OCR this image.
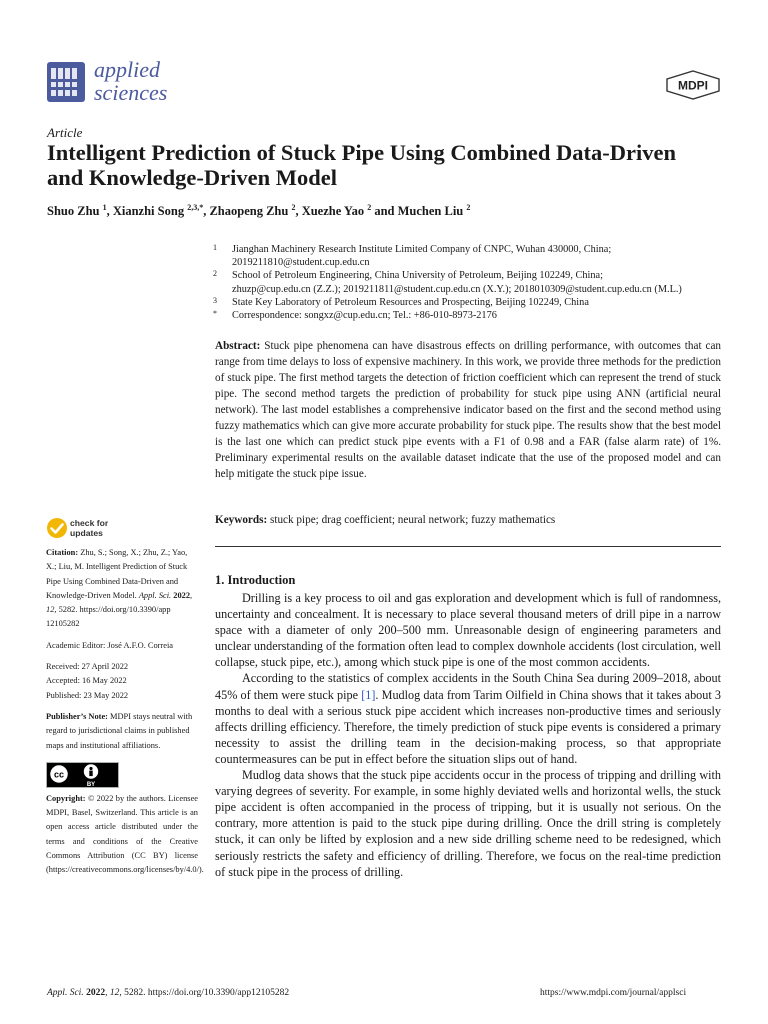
applied
sciences	MDPI
Article
Intelligent Prediction of Stuck Pipe Using Combined Data-Driven and Knowledge-Driven Model
Shuo Zhu $^1$, Xianzhi Song $^{2,3,*}$, Zhaopeng Zhu $^2$, Xuezhe Yao $^2$ and Muchen Liu $^2$
1 Jianghan Machinery Research Institute Limited Company of CNPC, Wuhan 430000, China;
2019211810@student.cup.edu.cn
2 School of Petroleum Engineering, China University of Petroleum, Beijing 102249, China;
zhuzp@cup.edu.cn (Z.Z.); 2019211811@student.cup.edu.cn (X.Y.); 2018010309@student.cup.edu.cn (M.L.)
3 State Key Laboratory of Petroleum Resources and Prospecting, Beijing 102249, China
* Correspondence: songxz@cup.edu.cn; Tel.: +86-010-8973-2176
Abstract: Stuck pipe phenomena can have disastrous effects on drilling performance, with outcomes that can range from time delays to loss of expensive machinery. In this work, we provide three methods for the prediction of stuck pipe. The first method targets the detection of friction coefficient which can represent the trend of stuck pipe. The second method targets the prediction of probability for stuck pipe using ANN (artificial neural network). The last model establishes a comprehensive indicator based on the first and the second method using fuzzy mathematics which can give more accurate probability for stuck pipe. The results show that the best model is the last one which can predict stuck pipe events with a F1 of 0.98 and a FAR (false alarm rate) of 1%. Preliminary experimental results on the available dataset indicate that the use of the proposed model and can help mitigate the stuck pipe issue.
Keywords: stuck pipe; drag coefficient; neural network; fuzzy mathematics
check for
updates

Citation: Zhu, S.; Song, X.; Zhu, Z.; Yao, X.; Liu, M. Intelligent Prediction of Stuck Pipe Using Combined Data-Driven and Knowledge-Driven Model. Appl. Sci. 2022, 12, 5282. https://doi.org/10.3390/app 12105282

Academic Editor: José A.F.O. Correia

Received: 27 April 2022

Accepted: 16 May 2022

Published: 23 May 2022

Publisher’s Note: MDPI stays neutral with regard to jurisdictional claims in published maps and institutional affiliations.

cc
BY

Copyright: © 2022 by the authors. Licensee MDPI, Basel, Switzerland. This article is an open access article distributed under the terms and conditions of the Creative Commons Attribution (CC BY) license (https://creativecommons.org/licenses/by/4.0/).

1. Introduction

Drilling is a key process to oil and gas exploration and development which is full of randomness, uncertainty and concealment. It is necessary to place several thousand meters of drill pipe in a narrow space with a diameter of only 200–500 mm. Unreasonable design of engineering parameters and unclear understanding of the formation often lead to complex downhole accidents (lost circulation, well collapse, stuck pipe, etc.), among which stuck pipe is one of the most common accidents.

According to the statistics of complex accidents in the South China Sea during 2009–2018, about 45% of them were stuck pipe [1]. Mudlog data from Tarim Oilfield in China shows that it takes about 3 months to deal with a serious stuck pipe accident which increases non-productive times and seriously affects drilling efficiency. Therefore, the timely prediction of stuck pipe events is considered a primary necessity to assist the drilling team in the decision-making process, so that appropriate countermeasures can be put in effect before the situation slips out of hand.

Mudlog data shows that the stuck pipe accidents occur in the process of tripping and drilling with varying degrees of severity. For example, in some highly deviated wells and horizontal wells, the stuck pipe accident is often accompanied in the process of tripping, but it is usually not serious. On the contrary, more attention is paid to the stuck pipe during drilling. Once the drill string is completely stuck, it can only be lifted by explosion and a new side drilling scheme need to be redesigned, which seriously restricts the safety and efficiency of drilling. Therefore, we focus on the real-time prediction of stuck pipe in the process of drilling.

Appl. Sci. 2022, 12, 5282. https://doi.org/10.3390/app12105282	https://www.mdpi.com/journal/applsci
